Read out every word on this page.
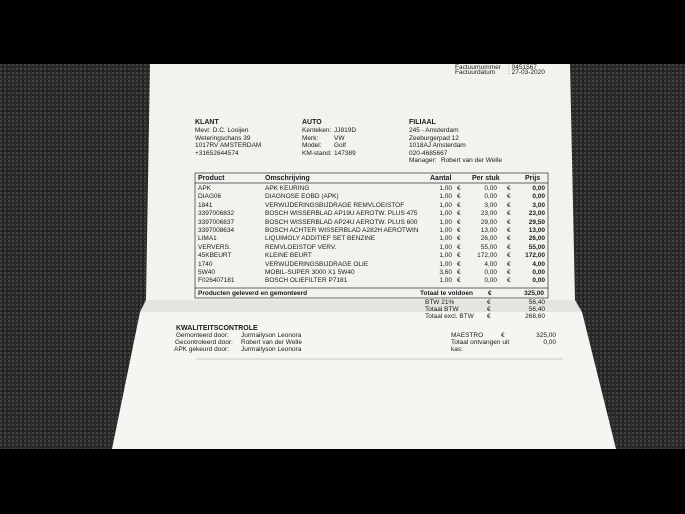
Factuurnummer : 0451567
Factuurdatum : 27-03-2020
KLANT
Mevr. D.C. Looijen
Weteringschans 39
1017RV AMSTERDAM
+31652644574
AUTO
Kenteken: JJ819D
Merk: VW
Model: Golf
KM-stand: 147389
FILIAAL
245 - Amsterdam
Zeeburgerpad 12
1018AJ Amsterdam
020-4685667
Manager: Robert van der Welle
Product	Omschrijving	Aantal	Per stuk	Prijs
APK	APK KEURING	1,00 €	0,00 €	0,00
DIAG06	DIAGNOSE EOBD (APK)	1,00 €	0,00 €	0,00
1841	VERWIJDERINGSBIJDRAGE REMVLOEISTOF	1,00 €	3,00 €	3,00
3397006832	BOSCH WISSERBLAD AP19U AEROTW. PLUS 475	1,00 €	23,00 €	23,00
3397006837	BOSCH WISSERBLAD AP24U AEROTW. PLUS 600	1,00 €	29,00 €	29,50
3397008634	BOSCH ACHTER WISSERBLAD A282H AEROTWIN	1,00 €	13,00 €	13,00
LIMA1	LIQUIMOLY ADDITIEF SET BENZINE	1,00 €	26,00 €	26,00
VERVERS.	REMVLOEISTOF VERV.	1,00 €	55,00 €	55,00
45KBEURT	KLEINE BEURT	1,00 €	172,00 €	172,00
1740	VERWIJDERINGSBIJDRAGE OLIE	1,00 €	4,00 €	4,00
5W40	MOBIL-SUPER 3000 X1 5W40	3,60 €	0,00 €	0,00
F026407181	BOSCH OLIEFILTER P7181	1,00 €	0,00 €	0,00
Producten geleverd en gemonteerd	Totaal te voldoen €	325,00
BTW 21%	€	56,40
Totaal BTW	€	56,40
Totaal excl. BTW €	268,60
KWALITEITSCONTROLE
Gemonteerd door: Jurmailyson Leonora
Gecontroleerd door: Robert van der Welle
APK gekeurd door: Jurmailyson Leonora
MAESTRO	€	325,00
Totaal ontvangen uit
kas:
0,00
